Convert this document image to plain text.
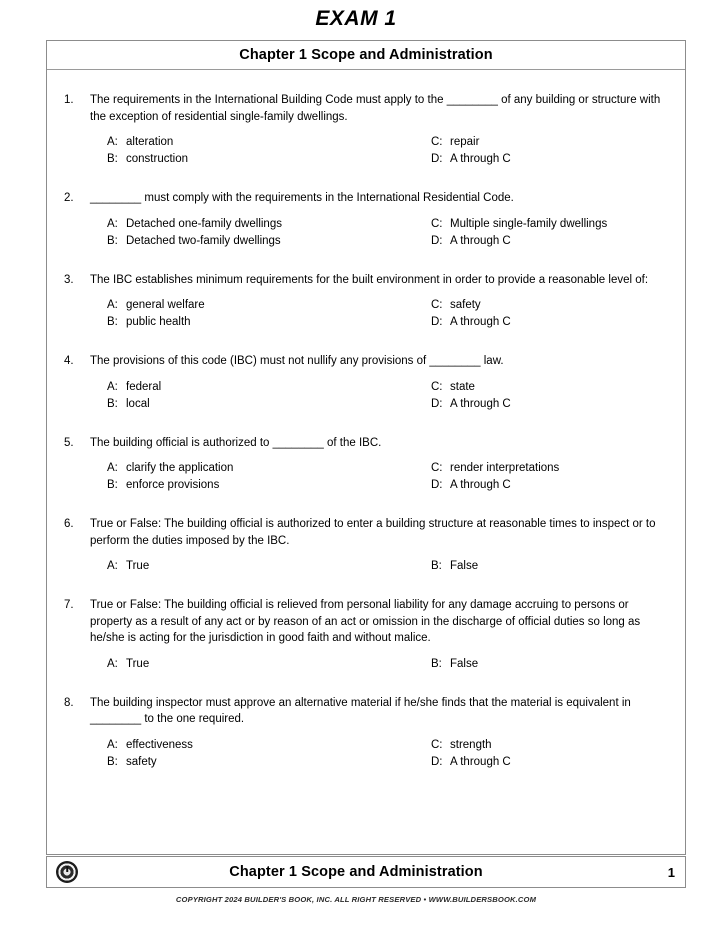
EXAM 1
Chapter 1 Scope and Administration
1.	The requirements in the International Building Code must apply to the ________ of any building or structure with the exception of residential single-family dwellings.
A: alteration
B: construction
C: repair
D: A through C
2.	________ must comply with the requirements in the International Residential Code.
A: Detached one-family dwellings
B: Detached two-family dwellings
C: Multiple single-family dwellings
D: A through C
3.	The IBC establishes minimum requirements for the built environment in order to provide a reasonable level of:
A: general welfare
B: public health
C: safety
D: A through C
4.	The provisions of this code (IBC) must not nullify any provisions of ________ law.
A: federal
B: local
C: state
D: A through C
5.	The building official is authorized to ________ of the IBC.
A: clarify the application
B: enforce provisions
C: render interpretations
D: A through C
6.	True or False: The building official is authorized to enter a building structure at reasonable times to inspect or to perform the duties imposed by the IBC.
A: True	B: False
7.	True or False: The building official is relieved from personal liability for any damage accruing to persons or property as a result of any act or by reason of an act or omission in the discharge of official duties so long as he/she is acting for the jurisdiction in good faith and without malice.
A: True	B: False
8.	The building inspector must approve an alternative material if he/she finds that the material is equivalent in ________ to the one required.
A: effectiveness
B: safety
C: strength
D: A through C
Chapter 1 Scope and Administration	1
COPYRIGHT 2024 BUILDER'S BOOK, INC. ALL RIGHT RESERVED • WWW.BUILDERSBOOK.COM
